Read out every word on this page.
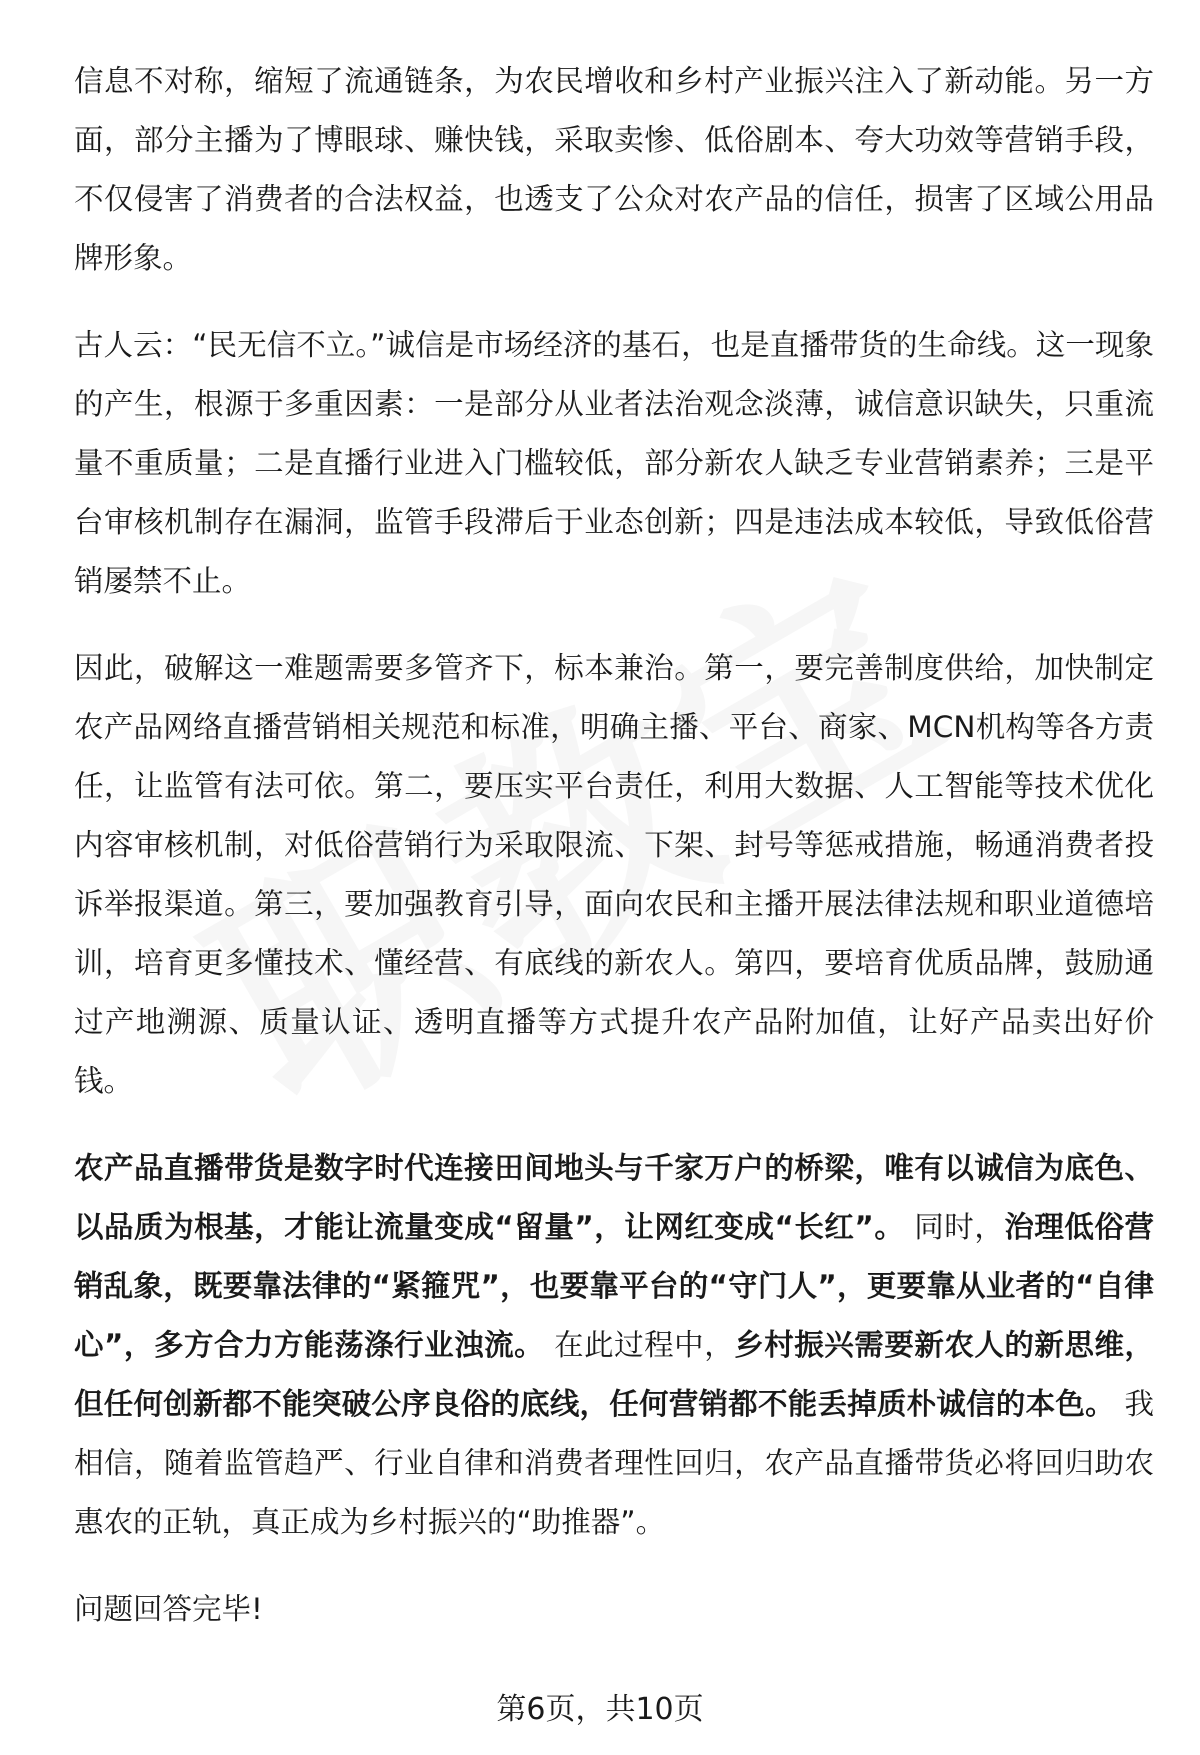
信息不对称，缩短了流通链条，为农民增收和乡村产业振兴注入了新动能。另一方面，部分主播为了博眼球、赚快钱，采取卖惨、低俗剧本、夸大功效等营销手段，不仅侵害了消费者的合法权益，也透支了公众对农产品的信任，损害了区域公用品牌形象。
古人云：“民无信不立。”诚信是市场经济的基石，也是直播带货的生命线。这一现象的产生，根源于多重因素：一是部分从业者法治观念淡薄，诚信意识缺失，只重流量不重质量；二是直播行业进入门槛较低，部分新农人缺乏专业营销素养；三是平台审核机制存在漏洞，监管手段滞后于业态创新；四是违法成本较低，导致低俗营销屡禁不止。
因此，破解这一难题需要多管齐下，标本兼治。第一，要完善制度供给，加快制定农产品网络直播营销相关规范和标准，明确主播、平台、商家、MCN机构等各方责任，让监管有法可依。第二，要压实平台责任，利用大数据、人工智能等技术优化内容审核机制，对低俗营销行为采取限流、下架、封号等惩戒措施，畅通消费者投诉举报渠道。第三，要加强教育引导，面向农民和主播开展法律法规和职业道德培训，培育更多懂技术、懂经营、有底线的新农人。第四，要培育优质品牌，鼓励通过产地溯源、质量认证、透明直播等方式提升农产品附加值，让好产品卖出好价钱。
农产品直播带货是数字时代连接田间地头与千家万户的桥梁，唯有以诚信为底色、以品质为根基，才能让流量变成“留量”，让网红变成“长红”。 同时，治理低俗营销乱象，既要靠法律的“紧箍咒”，也要靠平台的“守门人”，更要靠从业者的“自律心”，多方合力方能荡涤行业浊流。 在此过程中，乡村振兴需要新农人的新思维，但任何创新都不能突破公序良俗的底线，任何营销都不能丢掉质朴诚信的本色。 我相信，随着监管趋严、行业自律和消费者理性回归，农产品直播带货必将回归助农惠农的正轨，真正成为乡村振兴的“助推器”。
问题回答完毕!
第6页，共10页
